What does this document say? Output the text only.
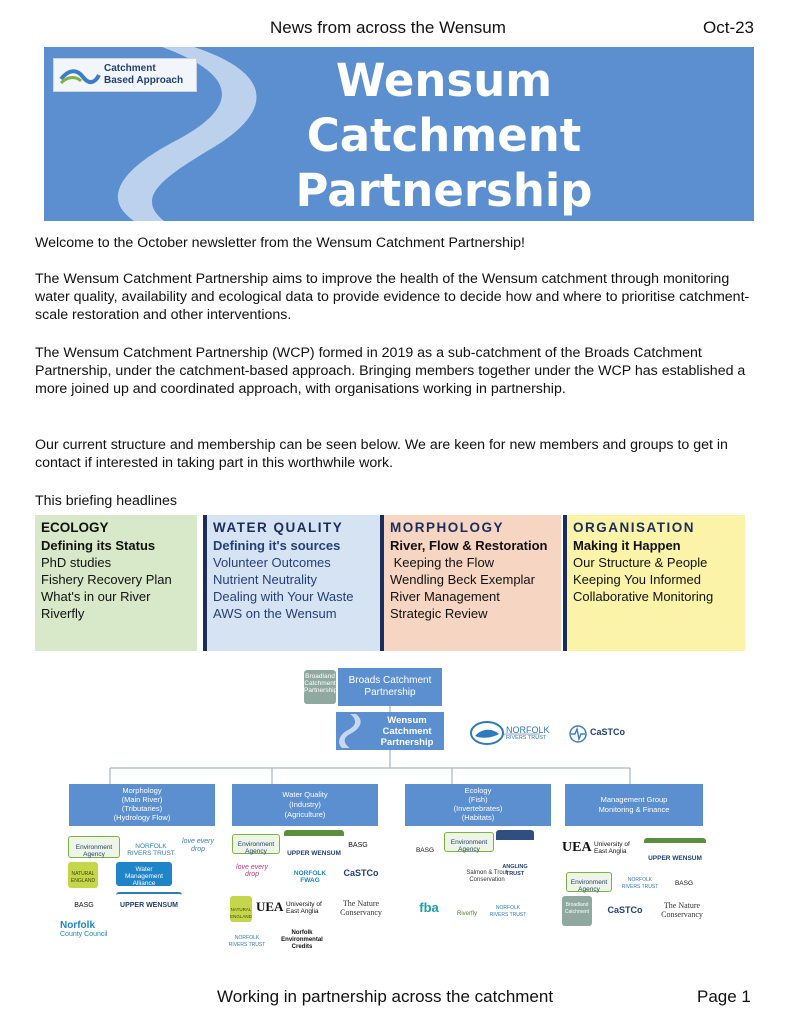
News from across the Wensum	Oct-23
Catchment
Based Approach	Wensum
Catchment
Partnership
Welcome to the October newsletter from the Wensum Catchment Partnership!
The Wensum Catchment Partnership aims to improve the health of the Wensum catchment through monitoring water quality, availability and ecological data to provide evidence to decide how and where to prioritise catchment-scale restoration and other interventions.
The Wensum Catchment Partnership (WCP) formed in 2019 as a sub-catchment of the Broads Catchment Partnership, under the catchment-based approach. Bringing members together under the WCP has established a more joined up and coordinated approach, with organisations working in partnership.
Our current structure and membership can be seen below. We are keen for new members and groups to get in contact if interested in taking part in this worthwhile work.
This briefing headlines
ECOLOGY
Defining its Status
PhD studies
Fishery Recovery Plan
What's in our River
Riverfly
WATER QUALITY
Defining it's sources
Volunteer Outcomes
Nutrient Neutrality
Dealing with Your Waste
AWS on the Wensum
MORPHOLOGY
River, Flow & Restoration
Keeping the Flow
Wendling Beck Exemplar
River Management
Strategic Review
ORGANISATION
Making it Happen
Our Structure & People
Keeping You Informed
Collaborative Monitoring
Broadland
Catchment
Partnership
Broads Catchment
Partnership
Wensum
Catchment
Partnership
NORFOLK
RIVERS TRUST
CaSTCo
Morphology
(Main River)
(Tributaries)
(Hydrology Flow)
Water Quality
(Industry)
(Agriculture)
Ecology
(Fish)
(Invertebrates)
(Habitats)
Management Group
Monitoring & Finance
Environment Agency
NORFOLK RIVERS TRUST
love every drop
NATURAL ENGLAND
Water Management Alliance
BASG	UPPER WENSUM
Norfolk
County Council
Environment Agency	UPPER WENSUM
BASG
love every drop	NORFOLK FWAG
CaSTCo
NATURAL ENGLAND
UEA University of East Anglia
The Nature Conservancy
NORFOLK RIVERS TRUST
Norfolk Environmental Credits
BASG
Environment Agency
ANGLING TRUST
Salmon & Trout Conservation
fba	Riverfly
NORFOLK RIVERS TRUST
UEA University of East Anglia
UPPER WENSUM
Environment Agency
NORFOLK RIVERS TRUST	BASG
Broadland Catchment	CaSTCo	The Nature Conservancy
Working in partnership across the catchment	Page 1
